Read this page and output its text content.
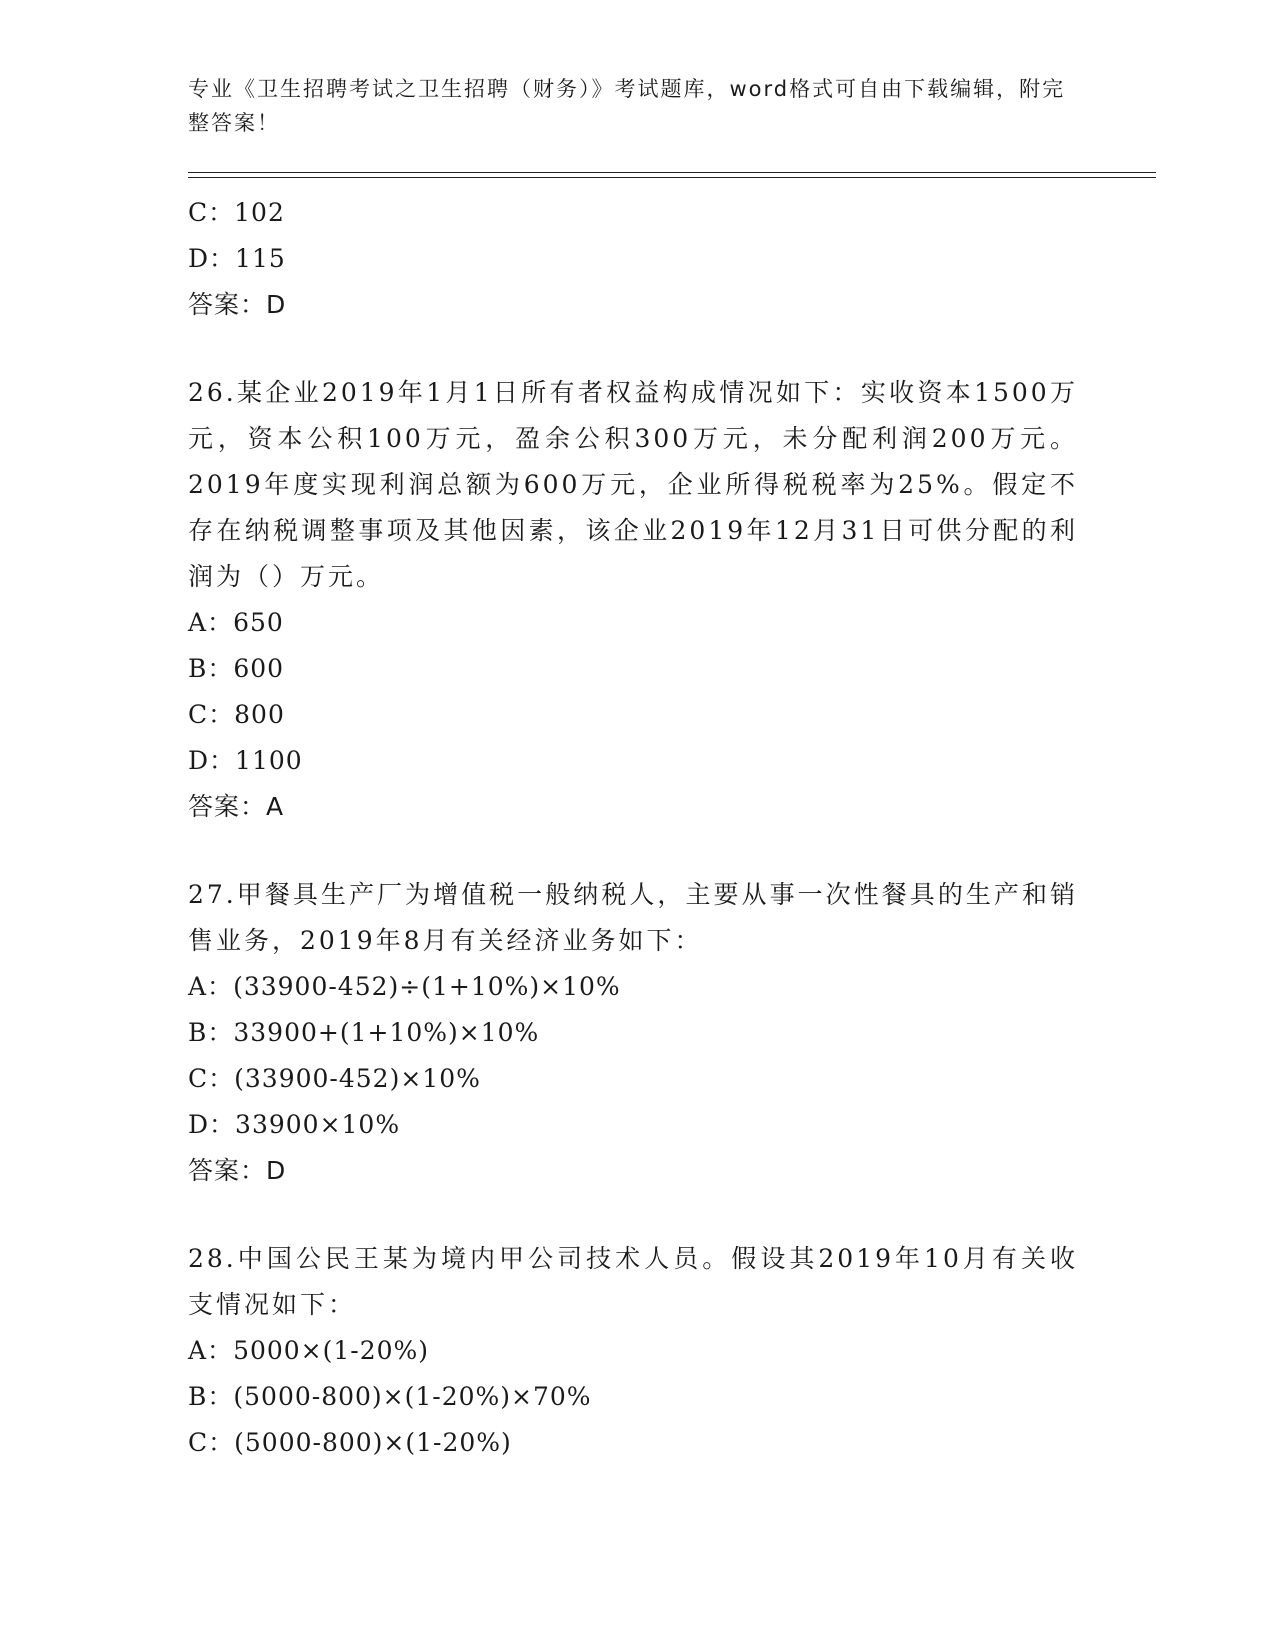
专业《卫生招聘考试之卫生招聘（财务）》考试题库，word格式可自由下载编辑，附完整答案！
C：102
D：115
答案：D
26.某企业2019年1月1日所有者权益构成情况如下：实收资本1500万元，资本公积100万元，盈余公积300万元，未分配利润200万元。2019年度实现利润总额为600万元，企业所得税税率为25%。假定不存在纳税调整事项及其他因素，该企业2019年12月31日可供分配的利润为（）万元。
A：650
B：600
C：800
D：1100
答案：A
27.甲餐具生产厂为增值税一般纳税人，主要从事一次性餐具的生产和销售业务，2019年8月有关经济业务如下：
A：(33900-452)÷(1+10%)×10%
B：33900+(1+10%)×10%
C：(33900-452)×10%
D：33900×10%
答案：D
28.中国公民王某为境内甲公司技术人员。假设其2019年10月有关收支情况如下：
A：5000×(1-20%)
B：(5000-800)×(1-20%)×70%
C：(5000-800)×(1-20%)
